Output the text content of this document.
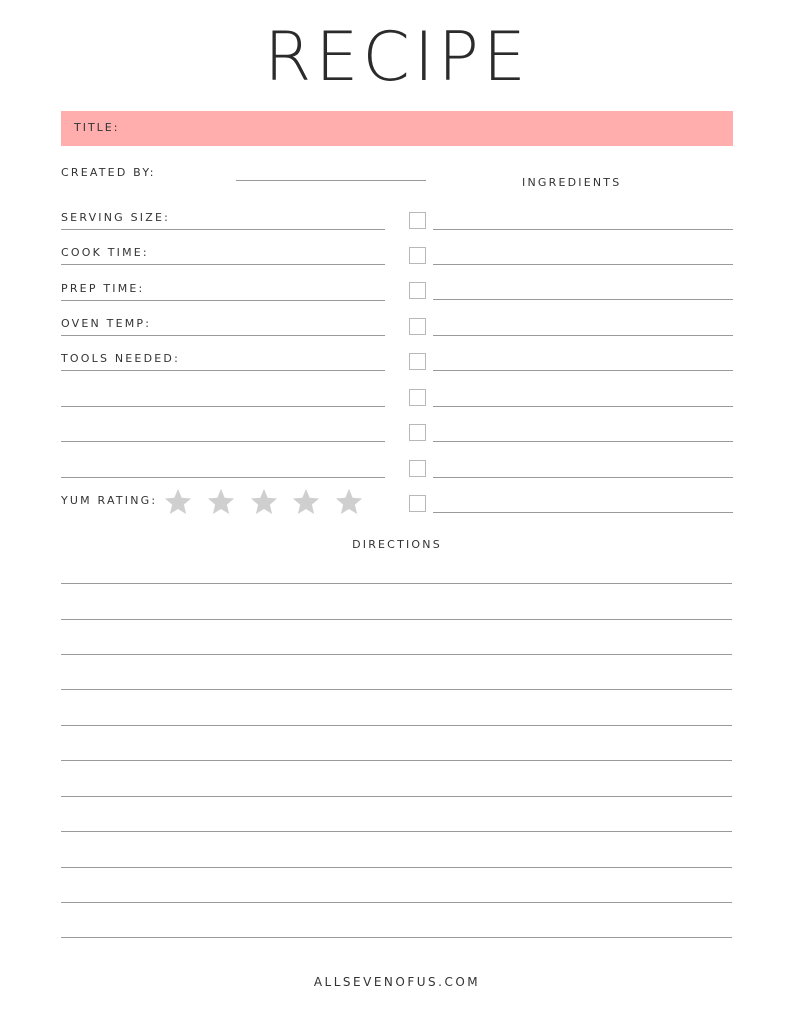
RECIPE
TITLE:
CREATED BY:
INGREDIENTS
SERVING SIZE:
COOK TIME:
PREP TIME:
OVEN TEMP:
TOOLS NEEDED:
YUM RATING:
DIRECTIONS
ALLSEVENOFUS.COM
